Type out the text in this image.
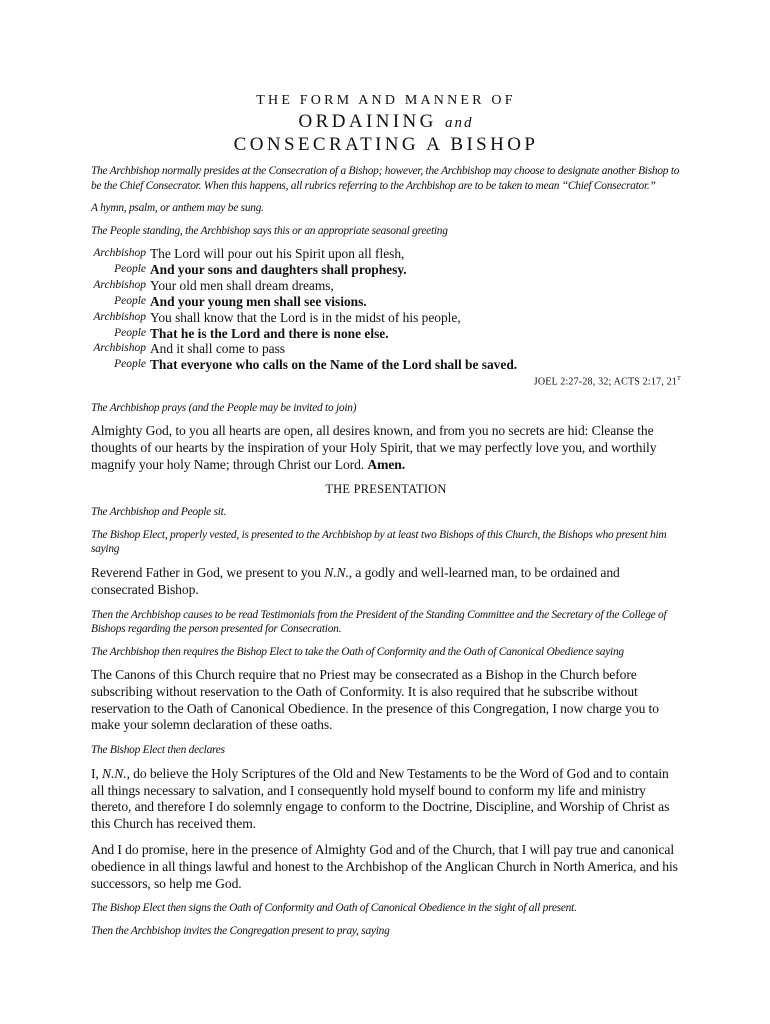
THE FORM AND MANNER OF
ORDAINING and
CONSECRATING A BISHOP

The Archbishop normally presides at the Consecration of a Bishop; however, the Archbishop may choose to designate another Bishop to be the Chief Consecrator. When this happens, all rubrics referring to the Archbishop are to be taken to mean “Chief Consecrator.”

A hymn, psalm, or anthem may be sung.

The People standing, the Archbishop says this or an appropriate seasonal greeting

Archbishop The Lord will pour out his Spirit upon all flesh,
People And your sons and daughters shall prophesy.
Archbishop Your old men shall dream dreams,
People And your young men shall see visions.
Archbishop You shall know that the Lord is in the midst of his people,
People That he is the Lord and there is none else.
Archbishop And it shall come to pass
People That everyone who calls on the Name of the Lord shall be saved.
JOEL 2:27-28, 32; ACTS 2:17, $21^T$

The Archbishop prays (and the People may be invited to join)

Almighty God, to you all hearts are open, all desires known, and from you no secrets are hid: Cleanse the thoughts of our hearts by the inspiration of your Holy Spirit, that we may perfectly love you, and worthily magnify your holy Name; through Christ our Lord. Amen.

THE PRESENTATION

The Archbishop and People sit.

The Bishop Elect, properly vested, is presented to the Archbishop by at least two Bishops of this Church, the Bishops who present him saying

Reverend Father in God, we present to you N.N., a godly and well-learned man, to be ordained and consecrated Bishop.

Then the Archbishop causes to be read Testimonials from the President of the Standing Committee and the Secretary of the College of Bishops regarding the person presented for Consecration.

The Archbishop then requires the Bishop Elect to take the Oath of Conformity and the Oath of Canonical Obedience saying

The Canons of this Church require that no Priest may be consecrated as a Bishop in the Church before subscribing without reservation to the Oath of Conformity. It is also required that he subscribe without reservation to the Oath of Canonical Obedience. In the presence of this Congregation, I now charge you to make your solemn declaration of these oaths.

The Bishop Elect then declares

I, N.N., do believe the Holy Scriptures of the Old and New Testaments to be the Word of God and to contain all things necessary to salvation, and I consequently hold myself bound to conform my life and ministry thereto, and therefore I do solemnly engage to conform to the Doctrine, Discipline, and Worship of Christ as this Church has received them.

And I do promise, here in the presence of Almighty God and of the Church, that I will pay true and canonical obedience in all things lawful and honest to the Archbishop of the Anglican Church in North America, and his successors, so help me God.

The Bishop Elect then signs the Oath of Conformity and Oath of Canonical Obedience in the sight of all present.

Then the Archbishop invites the Congregation present to pray, saying
